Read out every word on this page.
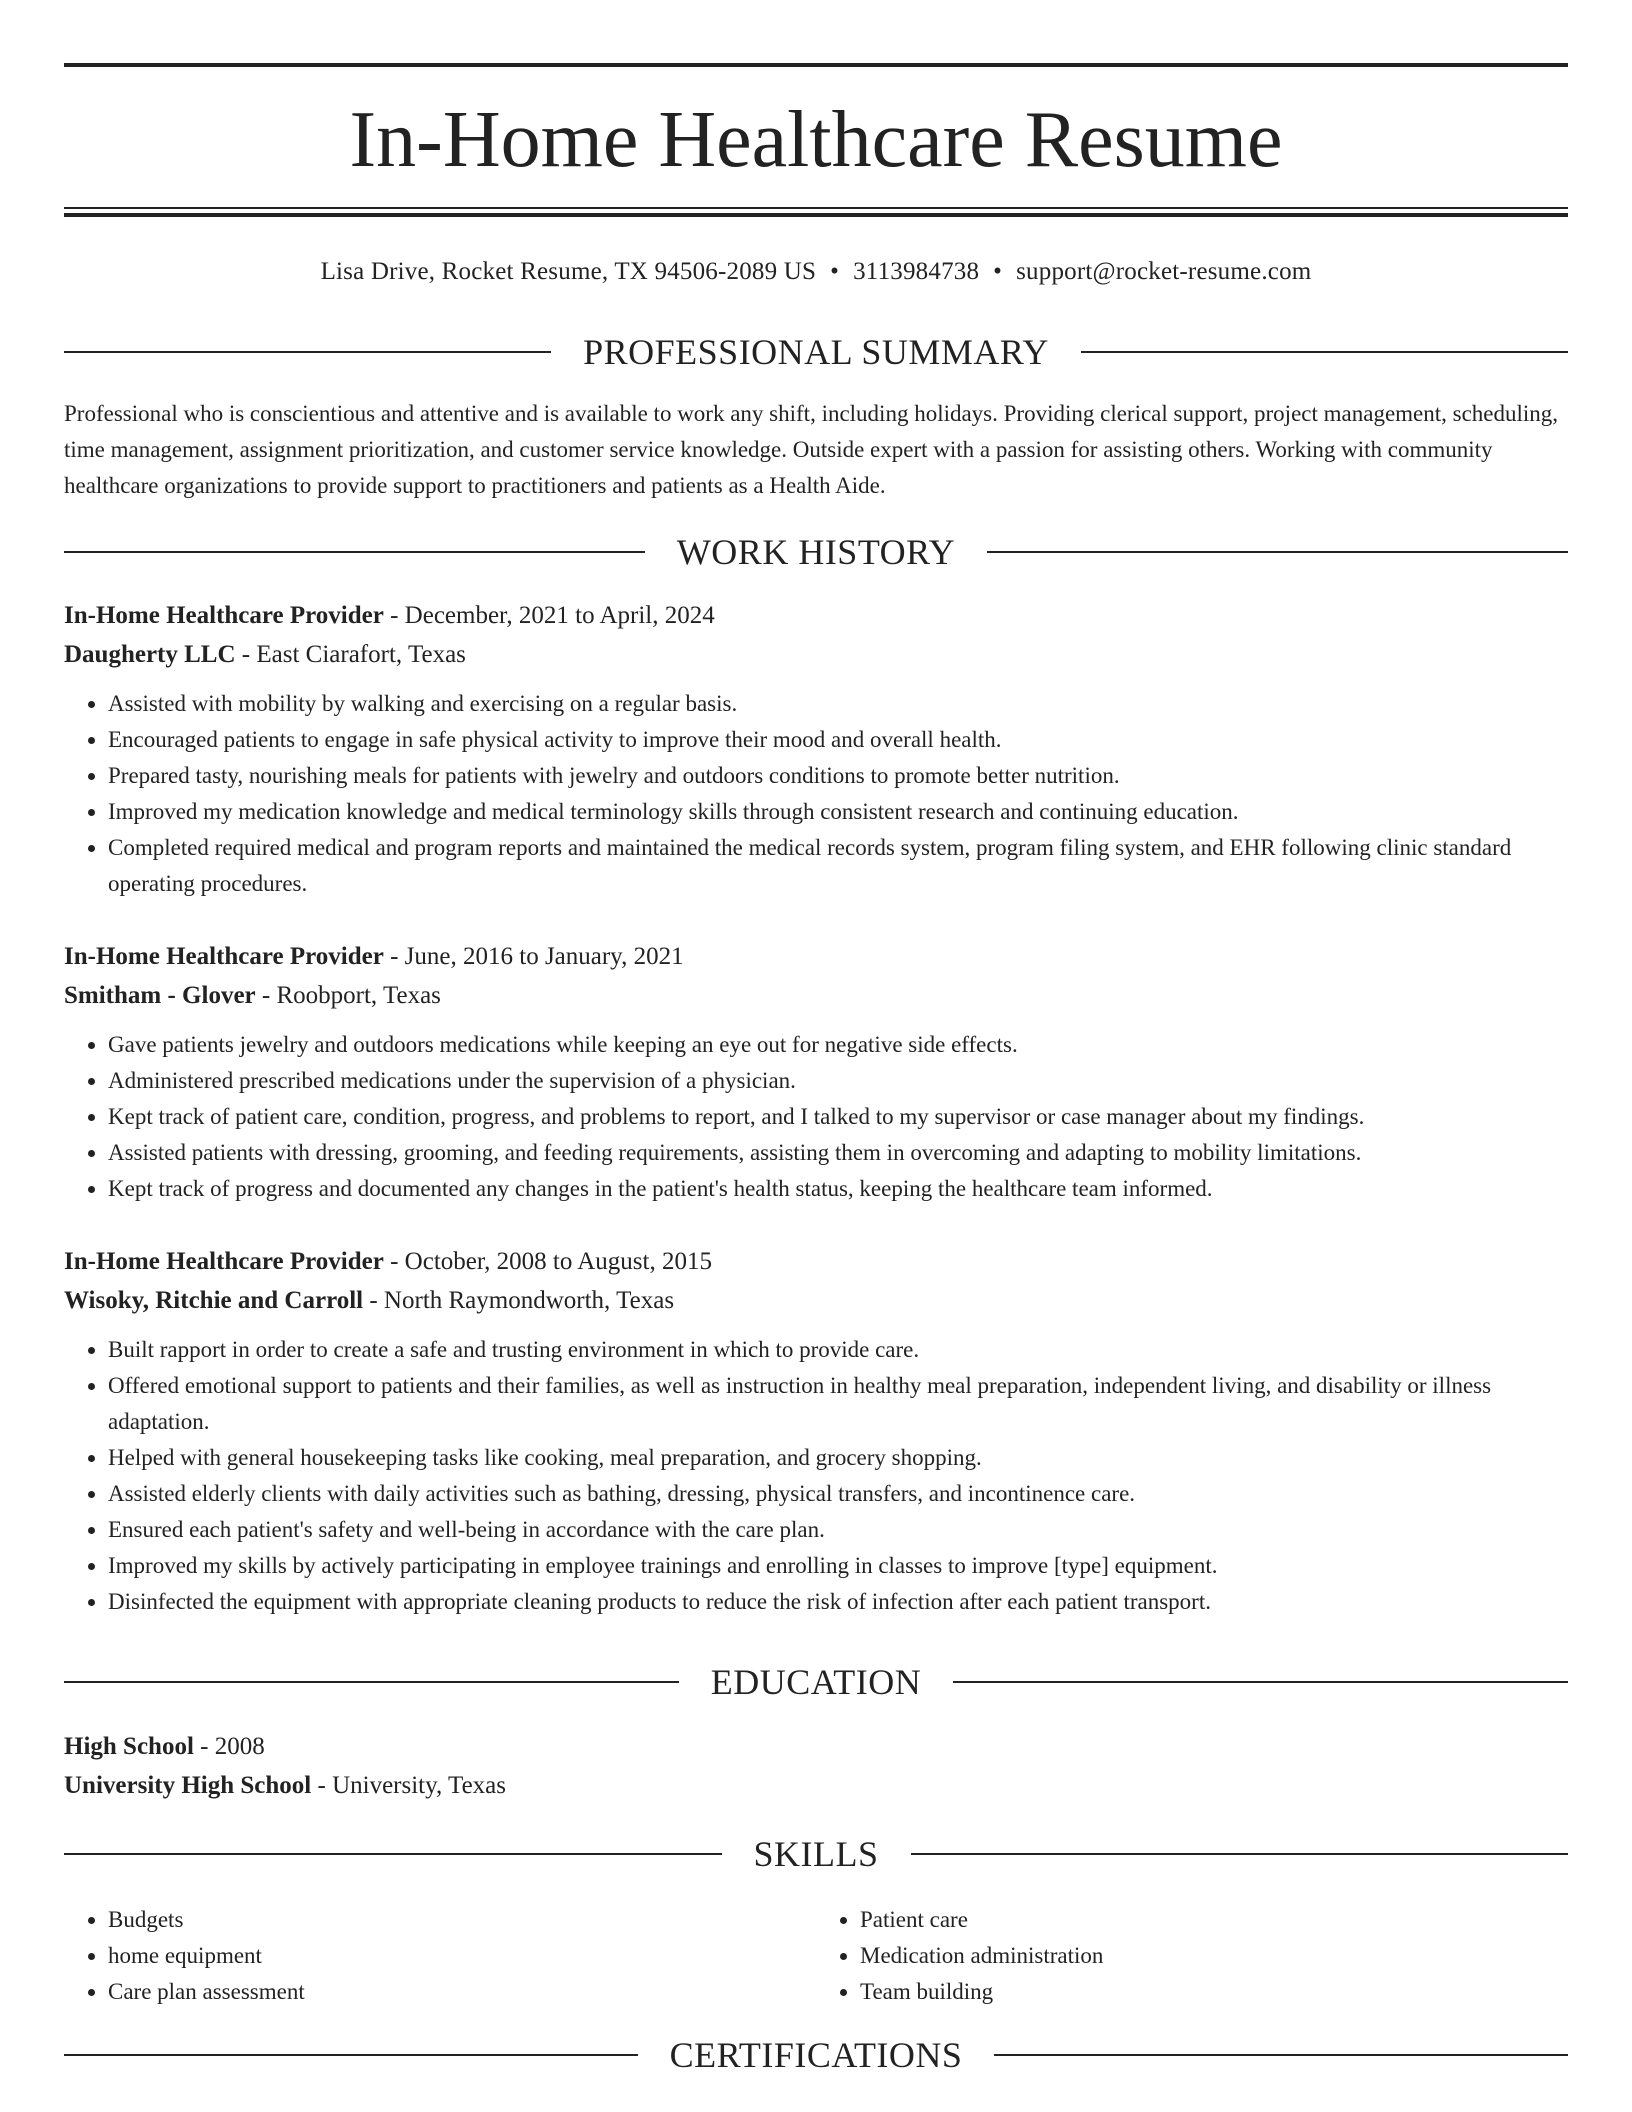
In-Home Healthcare Resume
Lisa Drive, Rocket Resume, TX 94506-2089 US • 3113984738 • support@rocket-resume.com
PROFESSIONAL SUMMARY

Professional who is conscientious and attentive and is available to work any shift, including holidays. Providing clerical support, project management, scheduling, time management, assignment prioritization, and customer service knowledge. Outside expert with a passion for assisting others. Working with community healthcare organizations to provide support to practitioners and patients as a Health Aide.

WORK HISTORY
In-Home Healthcare Provider - December, 2021 to April, 2024
Daugherty LLC - East Ciarafort, Texas
• Assisted with mobility by walking and exercising on a regular basis.
• Encouraged patients to engage in safe physical activity to improve their mood and overall health.
• Prepared tasty, nourishing meals for patients with jewelry and outdoors conditions to promote better nutrition.
• Improved my medication knowledge and medical terminology skills through consistent research and continuing education.
• Completed required medical and program reports and maintained the medical records system, program filing system, and EHR following clinic standard operating procedures.
In-Home Healthcare Provider - June, 2016 to January, 2021
Smitham - Glover - Roobport, Texas
• Gave patients jewelry and outdoors medications while keeping an eye out for negative side effects.
• Administered prescribed medications under the supervision of a physician.
• Kept track of patient care, condition, progress, and problems to report, and I talked to my supervisor or case manager about my findings.
• Assisted patients with dressing, grooming, and feeding requirements, assisting them in overcoming and adapting to mobility limitations.
• Kept track of progress and documented any changes in the patient's health status, keeping the healthcare team informed.
In-Home Healthcare Provider - October, 2008 to August, 2015
Wisoky, Ritchie and Carroll - North Raymondworth, Texas
• Built rapport in order to create a safe and trusting environment in which to provide care.
• Offered emotional support to patients and their families, as well as instruction in healthy meal preparation, independent living, and disability or illness adaptation.
• Helped with general housekeeping tasks like cooking, meal preparation, and grocery shopping.
• Assisted elderly clients with daily activities such as bathing, dressing, physical transfers, and incontinence care.
• Ensured each patient's safety and well-being in accordance with the care plan.
• Improved my skills by actively participating in employee trainings and enrolling in classes to improve [type] equipment.
• Disinfected the equipment with appropriate cleaning products to reduce the risk of infection after each patient transport.
EDUCATION
High School - 2008
University High School - University, Texas
SKILLS
• Budgets
• home equipment
• Care plan assessment
• Patient care
• Medication administration
• Team building
CERTIFICATIONS
